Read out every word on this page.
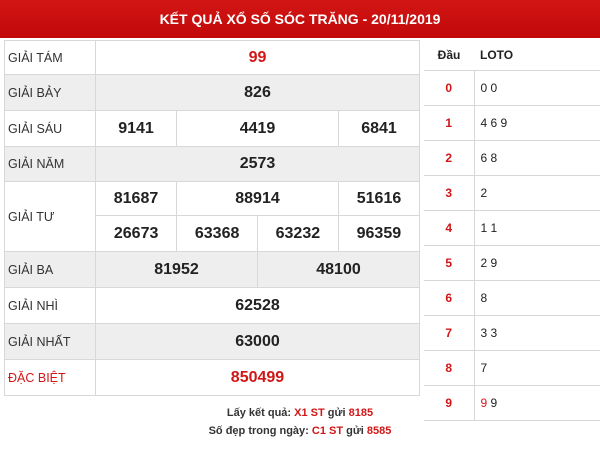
KẾT QUẢ XỔ SỐ SÓC TRĂNG - 20/11/2019
GIẢI TÁM	99
GIẢI BẢY	826
GIẢI SÁU	9141	4419	6841
GIẢI NĂM	2573
GIẢI TƯ	81687	88914	51616

26673	63368	63232	96359

GIẢI BA	81952	48100
GIẢI NHÌ	62528
GIẢI NHẤT	63000
ĐẶC BIỆT	850499
Đầu	LOTO
0	0 0
1	4 6 9
2	6 8
3	2
4	1 1
5	2 9
6	8
7	3 3
8	7
9	9 9
Lấy kết quả: X1 ST gửi 8185
Số đẹp trong ngày: C1 ST gửi 8585
